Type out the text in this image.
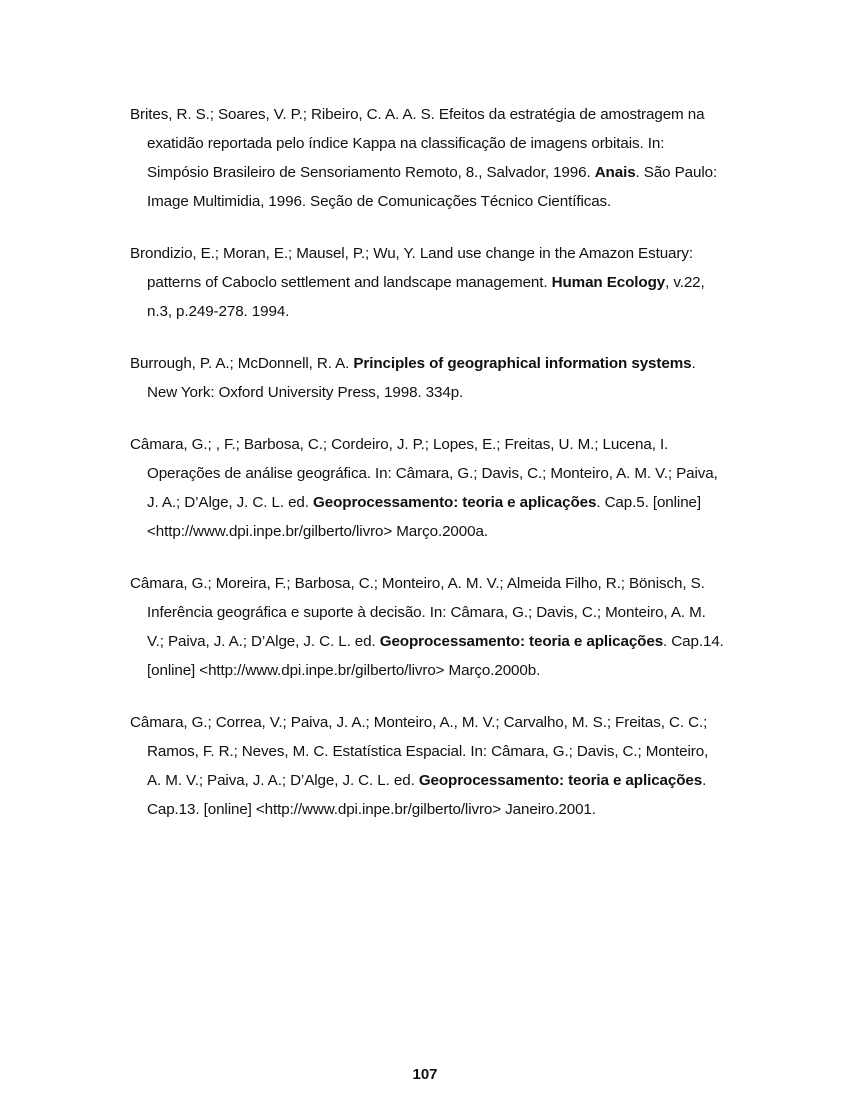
Brites, R. S.; Soares, V. P.; Ribeiro, C. A. A. S. Efeitos da estratégia de amostragem na exatidão reportada pelo índice Kappa na classificação de imagens orbitais. In: Simpósio Brasileiro de Sensoriamento Remoto, 8., Salvador, 1996. Anais. São Paulo: Image Multimidia, 1996. Seção de Comunicações Técnico Científicas.

Brondizio, E.; Moran, E.; Mausel, P.; Wu, Y. Land use change in the Amazon Estuary: patterns of Caboclo settlement and landscape management. Human Ecology, v.22, n.3, p.249-278. 1994.

Burrough, P. A.; McDonnell, R. A. Principles of geographical information systems. New York: Oxford University Press, 1998. 334p.

Câmara, G.; , F.; Barbosa, C.; Cordeiro, J. P.; Lopes, E.; Freitas, U. M.; Lucena, I. Operações de análise geográfica. In: Câmara, G.; Davis, C.; Monteiro, A. M. V.; Paiva, J. A.; D’Alge, J. C. L. ed. Geoprocessamento: teoria e aplicações. Cap.5. [online] <http://www.dpi.inpe.br/gilberto/livro> Março.2000a.

Câmara, G.; Moreira, F.; Barbosa, C.; Monteiro, A. M. V.; Almeida Filho, R.; Bönisch, S. Inferência geográfica e suporte à decisão. In: Câmara, G.; Davis, C.; Monteiro, A. M. V.; Paiva, J. A.; D’Alge, J. C. L. ed. Geoprocessamento: teoria e aplicações. Cap.14. [online] <http://www.dpi.inpe.br/gilberto/livro> Março.2000b.

Câmara, G.; Correa, V.; Paiva, J. A.; Monteiro, A., M. V.; Carvalho, M. S.; Freitas, C. C.; Ramos, F. R.; Neves, M. C. Estatística Espacial. In: Câmara, G.; Davis, C.; Monteiro, A. M. V.; Paiva, J. A.; D’Alge, J. C. L. ed. Geoprocessamento: teoria e aplicações. Cap.13. [online] <http://www.dpi.inpe.br/gilberto/livro> Janeiro.2001.

107
